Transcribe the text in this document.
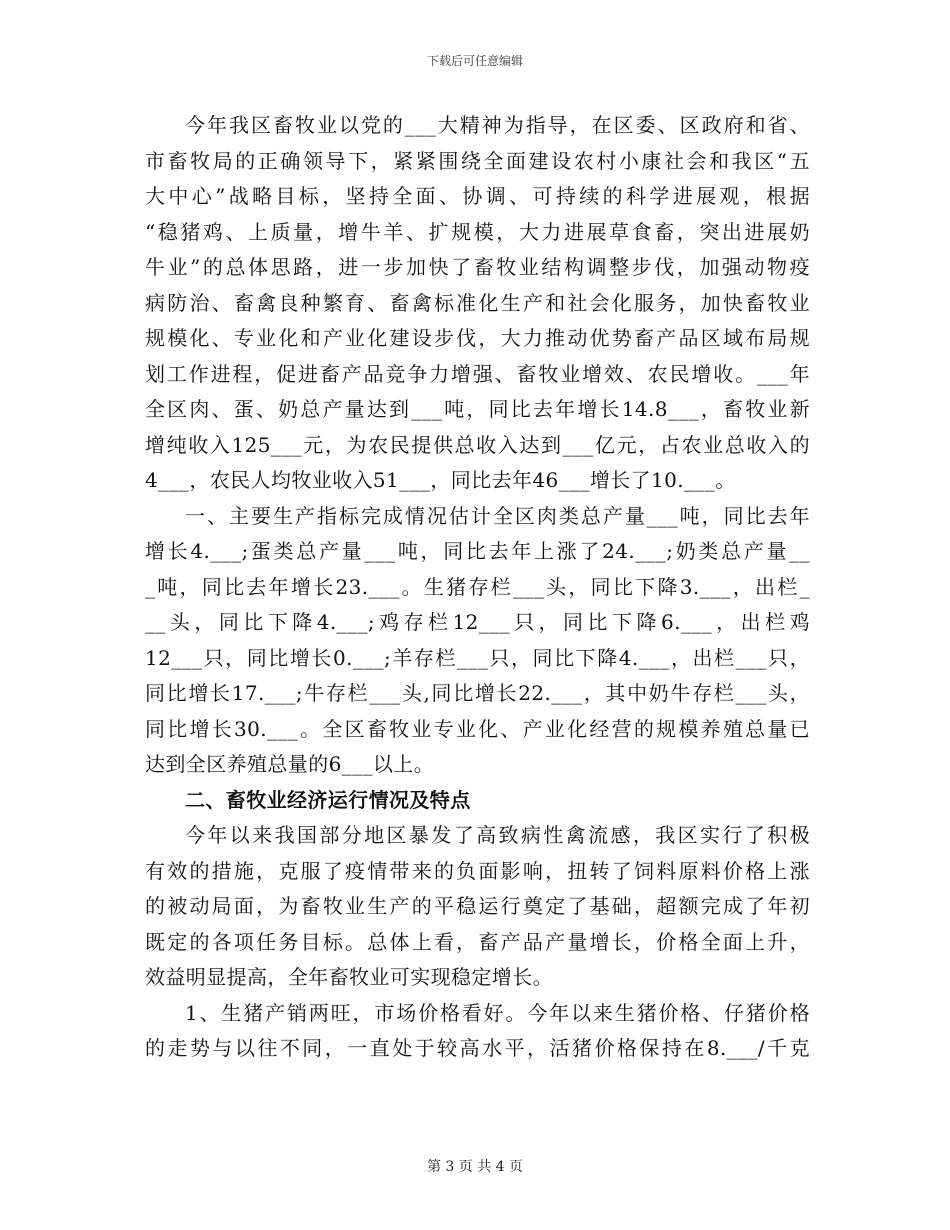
下载后可任意编辑
今年我区畜牧业以党的___大精神为指导，在区委、区政府和省、
市畜牧局的正确领导下，紧紧围绕全面建设农村小康社会和我区“五
大中心”战略目标，坚持全面、协调、可持续的科学进展观，根据
“稳猪鸡、上质量，增牛羊、扩规模，大力进展草食畜，突出进展奶
牛业”的总体思路，进一步加快了畜牧业结构调整步伐，加强动物疫
病防治、畜禽良种繁育、畜禽标准化生产和社会化服务，加快畜牧业
规模化、专业化和产业化建设步伐，大力推动优势畜产品区域布局规
划工作进程，促进畜产品竞争力增强、畜牧业增效、农民增收。___年
全区肉、蛋、奶总产量达到___吨，同比去年增长14.8___，畜牧业新
增纯收入125___元，为农民提供总收入达到___亿元，占农业总收入的
4___，农民人均牧业收入51___，同比去年46___增长了10.___。
一、主要生产指标完成情况估计全区肉类总产量___吨，同比去年
增长4.___;蛋类总产量___吨，同比去年上涨了24.___;奶类总产量__
_吨，同比去年增长23.___。生猪存栏___头，同比下降3.___，出栏_
__头，同比下降4.___;鸡存栏12___只，同比下降6.___，出栏鸡
12___只，同比增长0.___;羊存栏___只，同比下降4.___，出栏___只，
同比增长17.___;牛存栏___头,同比增长22.___，其中奶牛存栏___头，
同比增长30.___。全区畜牧业专业化、产业化经营的规模养殖总量已
达到全区养殖总量的6___以上。
二、畜牧业经济运行情况及特点
今年以来我国部分地区暴发了高致病性禽流感，我区实行了积极
有效的措施，克服了疫情带来的负面影响，扭转了饲料原料价格上涨
的被动局面，为畜牧业生产的平稳运行奠定了基础，超额完成了年初
既定的各项任务目标。总体上看，畜产品产量增长，价格全面上升，
效益明显提高，全年畜牧业可实现稳定增长。
1、生猪产销两旺，市场价格看好。今年以来生猪价格、仔猪价格
的走势与以往不同，一直处于较高水平，活猪价格保持在8.___/千克
第 3 页 共 4 页
